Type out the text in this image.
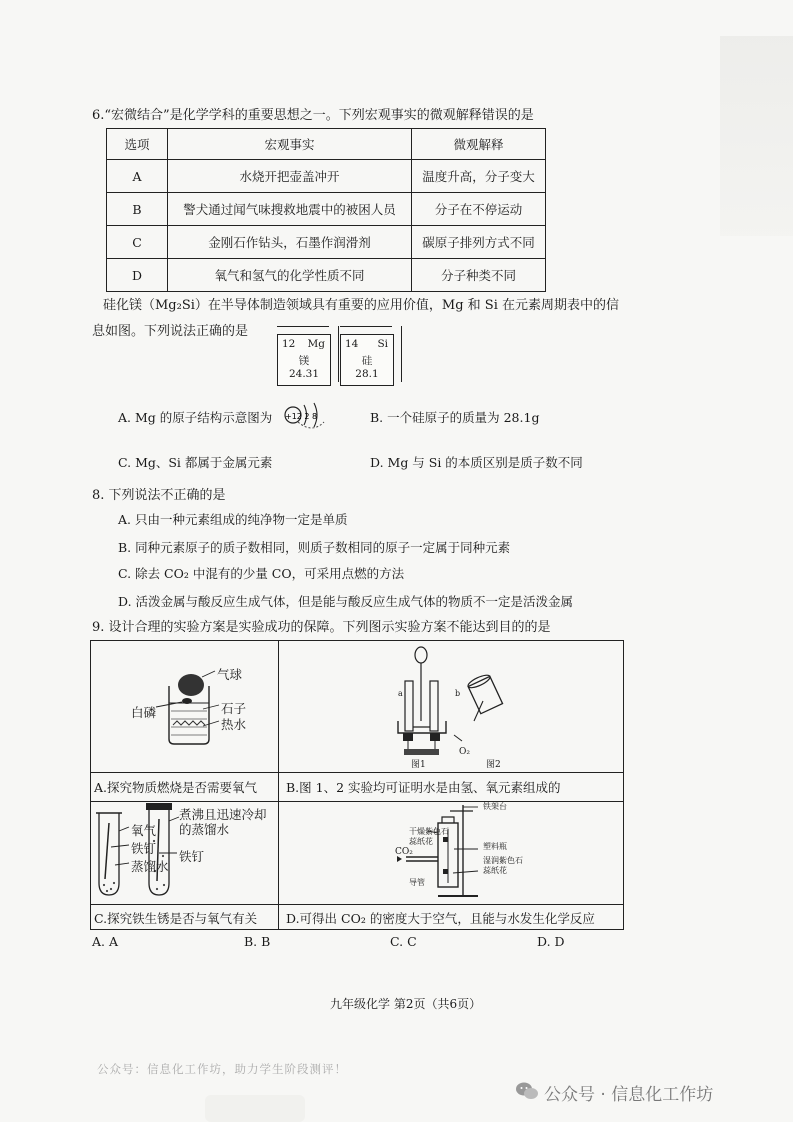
6.“宏微结合”是化学学科的重要思想之一。下列宏观事实的微观解释错误的是
选项	宏观事实	微观解释
A	水烧开把壶盖冲开	温度升高，分子变大
B	警犬通过闻气味搜救地震中的被困人员	分子在不停运动
C	金刚石作钻头，石墨作润滑剂	碳原子排列方式不同
D	氧气和氢气的化学性质不同	分子种类不同
硅化镁（Mg₂Si）在半导体制造领域具有重要的应用价值，Mg 和 Si 在元素周期表中的信
息如图。下列说法正确的是
12 Mg
镁
24.31
14 Si
硅
28.1
A. Mg 的原子结构示意图为 +12 2 8	B. 一个硅原子的质量为 28.1g
C. Mg、Si 都属于金属元素	D. Mg 与 Si 的本质区别是质子数不同
8. 下列说法不正确的是
A. 只由一种元素组成的纯净物一定是单质
B. 同种元素原子的质子数相同，则质子数相同的原子一定属于同种元素
C. 除去 CO₂ 中混有的少量 CO，可采用点燃的方法
D. 活泼金属与酸反应生成气体，但是能与酸反应生成气体的物质不一定是活泼金属
9. 设计合理的实验方案是实验成功的保障。下列图示实验方案不能达到目的的是
气球
白磷	石子
热水
a	b
图1
O₂
图2
A.探究物质燃烧是否需要氧气 B.图 1、2 实验均可证明水是由氢、氧元素组成的
氧气
铁钉
蒸馏水
煮沸且迅速冷却的蒸馏水
铁钉
铁架台
干燥紫色石蕊纸花
塑料瓶
湿润紫色石蕊纸花
CO₂
导管
C.探究铁生锈是否与氧气有关 D.可得出 CO₂ 的密度大于空气，且能与水发生化学反应
A. A	B. B	C. C	D. D
九年级化学 第2页（共6页）
公众号：信息化工作坊，助力学生阶段测评！
公众号 · 信息化工作坊
